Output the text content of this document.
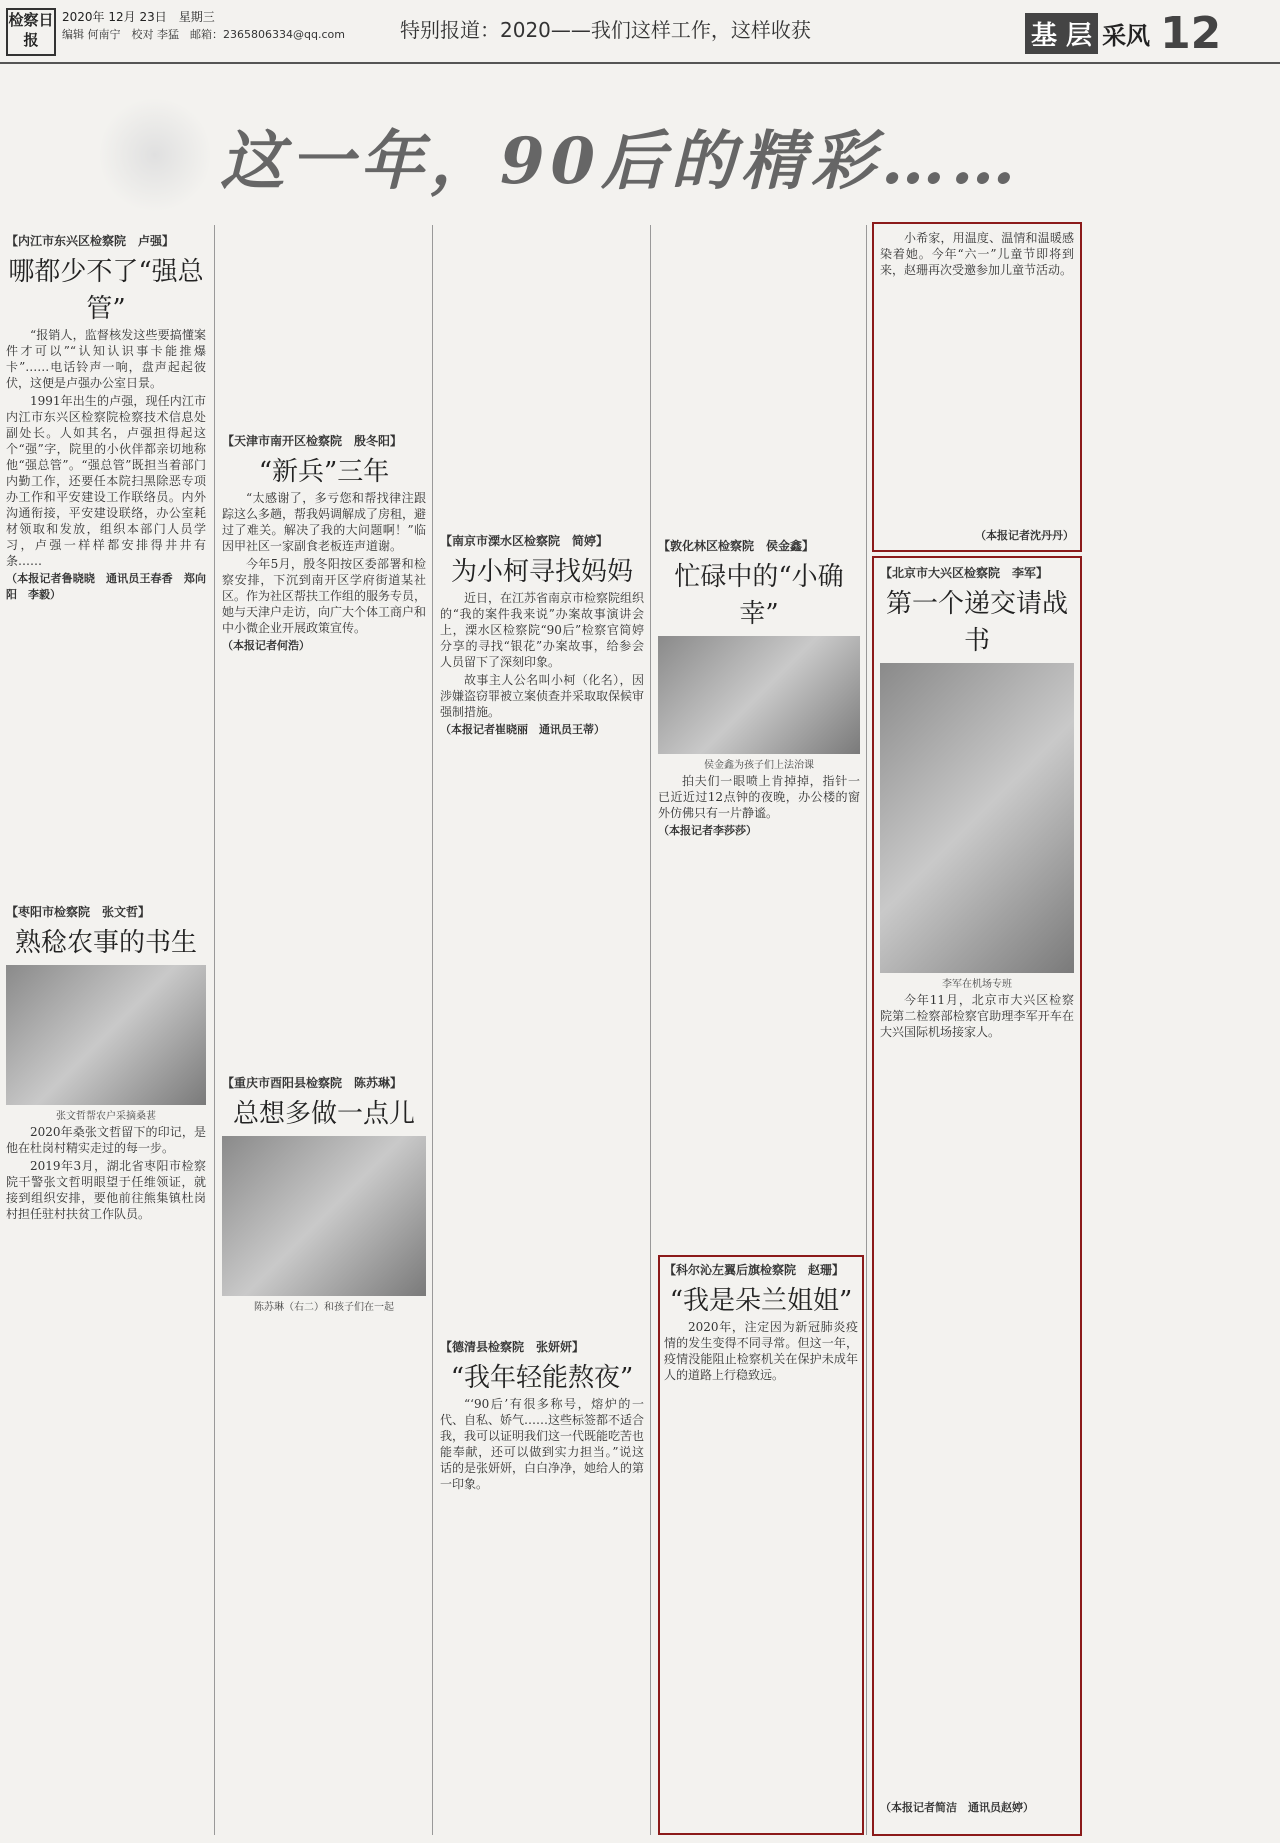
检察日报
2020年 12月 23日　星期三
编辑 何南宁　校对 李猛　邮箱：2365806334@qq.com	特别报道：2020——我们这样工作，这样收获	基 层 采风 12
这一年，90后的精彩……

【内江市东兴区检察院　卢强】

哪都少不了“强总管”

“报销人，监督核发这些要搞懂案件才可以”“认知认识事卡能推爆卡”……电话铃声一响，盘声起起彼伏，这便是卢强办公室日景。

1991年出生的卢强，现任内江市内江市东兴区检察院检察技术信息处副处长。人如其名，卢强担得起这个“强”字，院里的小伙伴都亲切地称他“强总管”。“强总管”既担当着部门内勤工作，还要任本院扫黑除恶专项办工作和平安建设工作联络员。内外沟通衔接，平安建设联络，办公室耗材领取和发放，组织本部门人员学习，卢强一样样都安排得井井有条……

（本报记者鲁晓晓　通讯员王春香　郑向阳　李毅）

【枣阳市检察院　张文哲】

熟稔农事的书生

张文哲帮农户采摘桑葚

2020年桑张文哲留下的印记，是他在杜岗村精实走过的每一步。

2019年3月，湖北省枣阳市检察院干警张文哲明眼望于任维领证，就接到组织安排，要他前往熊集镇杜岗村担任驻村扶贫工作队员。

【天津市南开区检察院　殷冬阳】

“新兵”三年

“太感谢了，多亏您和帮找律注跟踪这么多趟，帮我妈调解成了房租，避过了难关。解决了我的大问题啊！”临因甲社区一家副食老板连声道谢。

今年5月，殷冬阳按区委部署和检察安排，下沉到南开区学府街道某社区。作为社区帮扶工作组的服务专员，她与天津户走访，向广大个体工商户和中小微企业开展政策宣传。

（本报记者何浩）

【重庆市酉阳县检察院　陈苏琳】

总想多做一点儿

陈苏琳（右二）和孩子们在一起

【南京市溧水区检察院　简婷】

为小柯寻找妈妈

近日，在江苏省南京市检察院组织的“我的案件我来说”办案故事演讲会上，溧水区检察院“90后”检察官简婷分享的寻找“银花”办案故事，给参会人员留下了深刻印象。

故事主人公名叫小柯（化名），因涉嫌盗窃罪被立案侦查并采取取保候审强制措施。

（本报记者崔晓丽　通讯员王蒂）

【德清县检察院　张妍妍】

“我年轻能熬夜”

“‘90后’有很多称号，熔炉的一代、自私、娇气……这些标签都不适合我，我可以证明我们这一代既能吃苦也能奉献，还可以做到实力担当。”说这话的是张妍妍，白白净净，她给人的第一印象。

【敦化林区检察院　侯金鑫】

忙碌中的“小确幸”

侯金鑫为孩子们上法治课

拍夫们一眼喷上肯掉掉，指针一已近近过12点钟的夜晚，办公楼的窗外仿佛只有一片静谧。

（本报记者李莎莎）

【科尔沁左翼后旗检察院　赵珊】

“我是朵兰姐姐”

2020年，注定因为新冠肺炎疫情的发生变得不同寻常。但这一年，疫情没能阻止检察机关在保护未成年人的道路上行稳致远。

小希家，用温度、温情和温暖感染着她。今年“六一”儿童节即将到来，赵珊再次受邀参加儿童节活动。

（本报记者沈丹丹）

【北京市大兴区检察院　李军】

第一个递交请战书

李军在机场专班

今年11月，北京市大兴区检察院第二检察部检察官助理李军开车在大兴国际机场接家人。

（本报记者简洁　通讯员赵婷）
